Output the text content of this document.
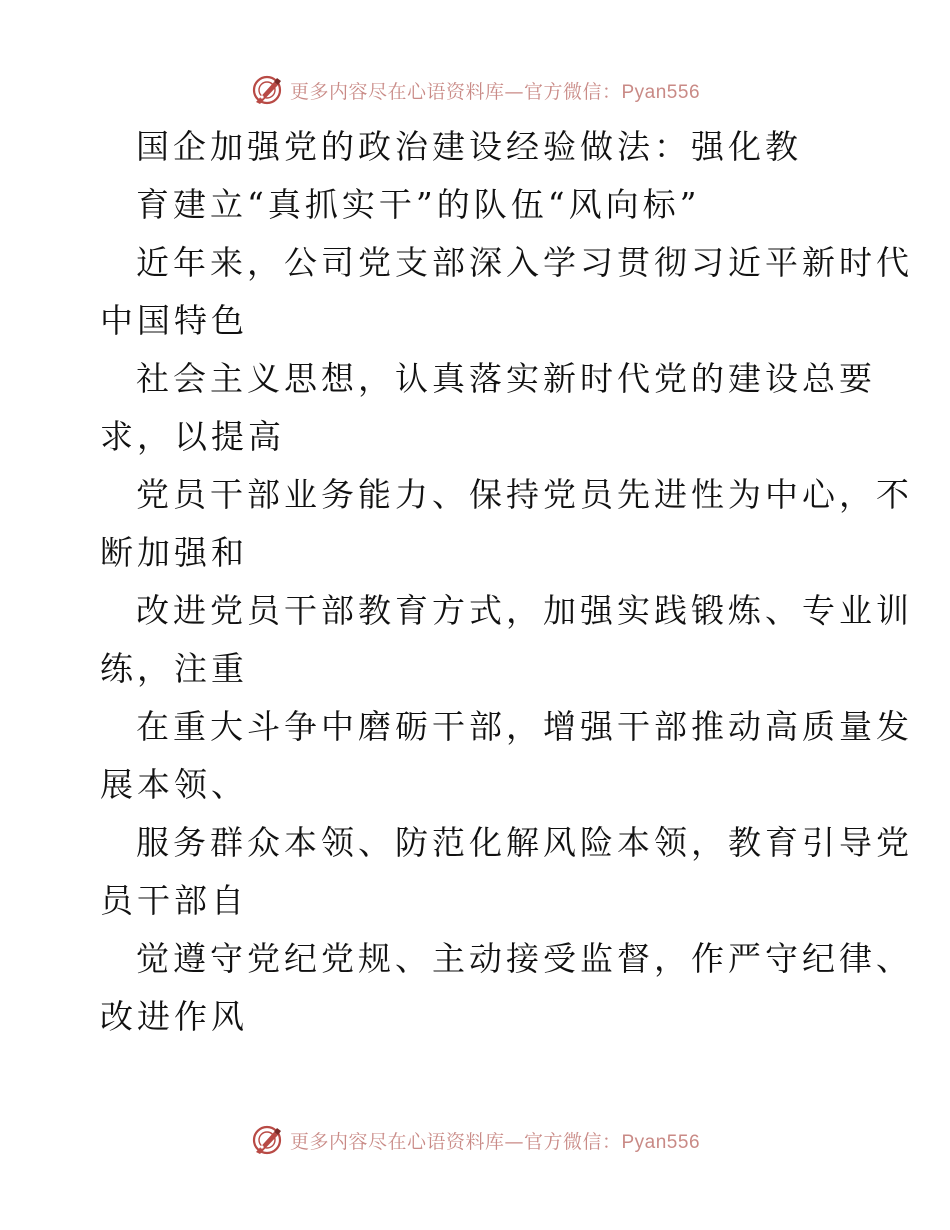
更多内容尽在心语资料库—官方微信：Pyan556
国企加强党的政治建设经验做法：强化教
育建立“真抓实干”的队伍“风向标”
近年来，公司党支部深入学习贯彻习近平新时代
中国特色
社会主义思想，认真落实新时代党的建设总要
求，以提高
党员干部业务能力、保持党员先进性为中心，不
断加强和
改进党员干部教育方式，加强实践锻炼、专业训
练，注重
在重大斗争中磨砺干部，增强干部推动高质量发
展本领、
服务群众本领、防范化解风险本领，教育引导党
员干部自
觉遵守党纪党规、主动接受监督，作严守纪律、
改进作风
更多内容尽在心语资料库—官方微信：Pyan556
